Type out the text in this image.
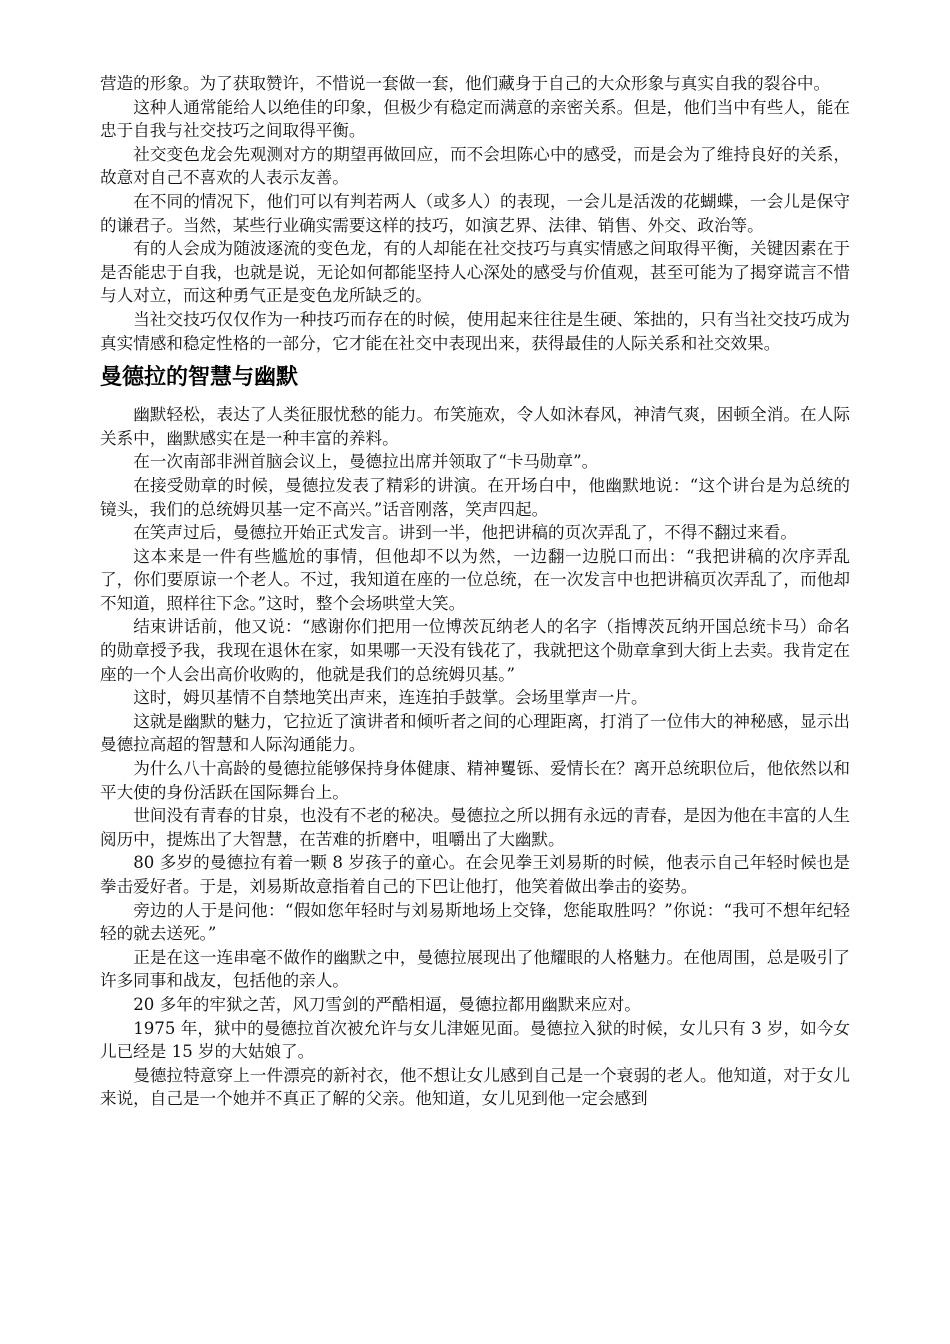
营造的形象。为了获取赞许，不惜说一套做一套，他们藏身于自己的大众形象与真实自我的裂谷中。

这种人通常能给人以绝佳的印象，但极少有稳定而满意的亲密关系。但是，他们当中有些人，能在忠于自我与社交技巧之间取得平衡。

社交变色龙会先观测对方的期望再做回应，而不会坦陈心中的感受，而是会为了维持良好的关系，故意对自己不喜欢的人表示友善。

在不同的情况下，他们可以有判若两人（或多人）的表现，一会儿是活泼的花蝴蝶，一会儿是保守的谦君子。当然，某些行业确实需要这样的技巧，如演艺界、法律、销售、外交、政治等。

有的人会成为随波逐流的变色龙，有的人却能在社交技巧与真实情感之间取得平衡，关键因素在于是否能忠于自我，也就是说，无论如何都能坚持人心深处的感受与价值观，甚至可能为了揭穿谎言不惜与人对立，而这种勇气正是变色龙所缺乏的。

当社交技巧仅仅作为一种技巧而存在的时候，使用起来往往是生硬、笨拙的，只有当社交技巧成为真实情感和稳定性格的一部分，它才能在社交中表现出来，获得最佳的人际关系和社交效果。

曼德拉的智慧与幽默

幽默轻松，表达了人类征服忧愁的能力。布笑施欢，令人如沐春风，神清气爽，困顿全消。在人际关系中，幽默感实在是一种丰富的养料。

在一次南部非洲首脑会议上，曼德拉出席并领取了“卡马勋章”。

在接受勋章的时候，曼德拉发表了精彩的讲演。在开场白中，他幽默地说：“这个讲台是为总统的镜头，我们的总统姆贝基一定不高兴。”话音刚落，笑声四起。

在笑声过后，曼德拉开始正式发言。讲到一半，他把讲稿的页次弄乱了，不得不翻过来看。

这本来是一件有些尴尬的事情，但他却不以为然，一边翻一边脱口而出：“我把讲稿的次序弄乱了，你们要原谅一个老人。不过，我知道在座的一位总统，在一次发言中也把讲稿页次弄乱了，而他却不知道，照样往下念。”这时，整个会场哄堂大笑。

结束讲话前，他又说：“感谢你们把用一位博茨瓦纳老人的名字（指博茨瓦纳开国总统卡马）命名的勋章授予我，我现在退休在家，如果哪一天没有钱花了，我就把这个勋章拿到大街上去卖。我肯定在座的一个人会出高价收购的，他就是我们的总统姆贝基。”

这时，姆贝基情不自禁地笑出声来，连连拍手鼓掌。会场里掌声一片。

这就是幽默的魅力，它拉近了演讲者和倾听者之间的心理距离，打消了一位伟大的神秘感，显示出曼德拉高超的智慧和人际沟通能力。

为什么八十高龄的曼德拉能够保持身体健康、精神矍铄、爱情长在？离开总统职位后，他依然以和平大使的身份活跃在国际舞台上。

世间没有青春的甘泉，也没有不老的秘决。曼德拉之所以拥有永远的青春，是因为他在丰富的人生阅历中，提炼出了大智慧，在苦难的折磨中，咀嚼出了大幽默。

80 多岁的曼德拉有着一颗 8 岁孩子的童心。在会见拳王刘易斯的时候，他表示自己年轻时候也是拳击爱好者。于是，刘易斯故意指着自己的下巴让他打，他笑着做出拳击的姿势。

旁边的人于是问他：“假如您年轻时与刘易斯地场上交锋，您能取胜吗？”你说：“我可不想年纪轻轻的就去送死。”

正是在这一连串毫不做作的幽默之中，曼德拉展现出了他耀眼的人格魅力。在他周围，总是吸引了许多同事和战友，包括他的亲人。

20 多年的牢狱之苦，风刀雪剑的严酷相逼，曼德拉都用幽默来应对。

1975 年，狱中的曼德拉首次被允许与女儿津姬见面。曼德拉入狱的时候，女儿只有 3 岁，如今女儿已经是 15 岁的大姑娘了。

曼德拉特意穿上一件漂亮的新衬衣，他不想让女儿感到自己是一个衰弱的老人。他知道，对于女儿来说，自己是一个她并不真正了解的父亲。他知道，女儿见到他一定会感到
